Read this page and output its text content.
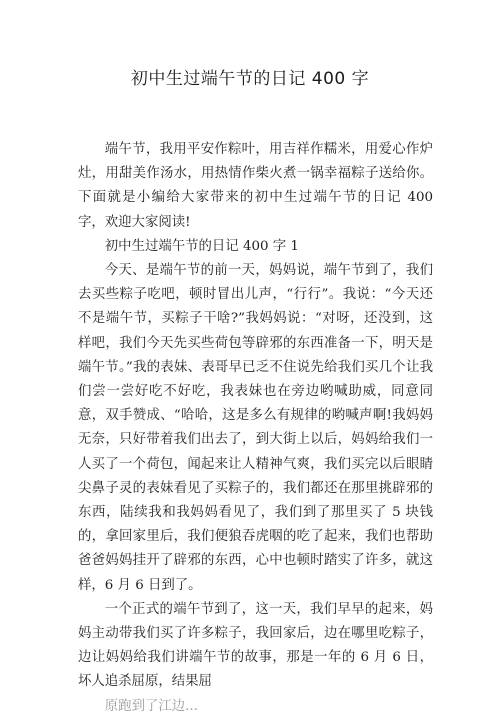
初中生过端午节的日记 400 字

端午节，我用平安作粽叶，用吉祥作糯米，用爱心作炉灶，用甜美作汤水，用热情作柴火煮一锅幸福粽子送给你。下面就是小编给大家带来的初中生过端午节的日记 400 字，欢迎大家阅读!

初中生过端午节的日记 400 字 1

今天、是端午节的前一天，妈妈说，端午节到了，我们去买些粽子吃吧，顿时冒出儿声，“行行”。我说：“今天还不是端午节，买粽子干啥?”我妈妈说：“对呀，还没到，这样吧，我们今天先买些荷包等辟邪的东西准备一下，明天是端午节。”我的表妹、表哥早已乏不住说先给我们买几个让我们尝一尝好吃不好吃，我表妹也在旁边哟喊助威，同意同意，双手赞成、“哈哈，这是多么有规律的哟喊声啊!我妈妈无奈，只好带着我们出去了，到大街上以后，妈妈给我们一人买了一个荷包，闻起来让人精神气爽，我们买完以后眼睛尖鼻子灵的表妹看见了买粽子的，我们都还在那里挑辟邪的东西，陆续我和我妈妈看见了，我们到了那里买了 5 块钱的，拿回家里后，我们便狼吞虎咽的吃了起来，我们也帮助爸爸妈妈挂开了辟邪的东西，心中也顿时踏实了许多，就这样，6 月 6 日到了。

一个正式的端午节到了，这一天，我们早早的起来，妈妈主动带我们买了许多粽子，我回家后，边在哪里吃粽子，边让妈妈给我们讲端午节的故事，那是一年的 6 月 6 日，坏人追杀屈原，结果屈

原跑到了江边...
